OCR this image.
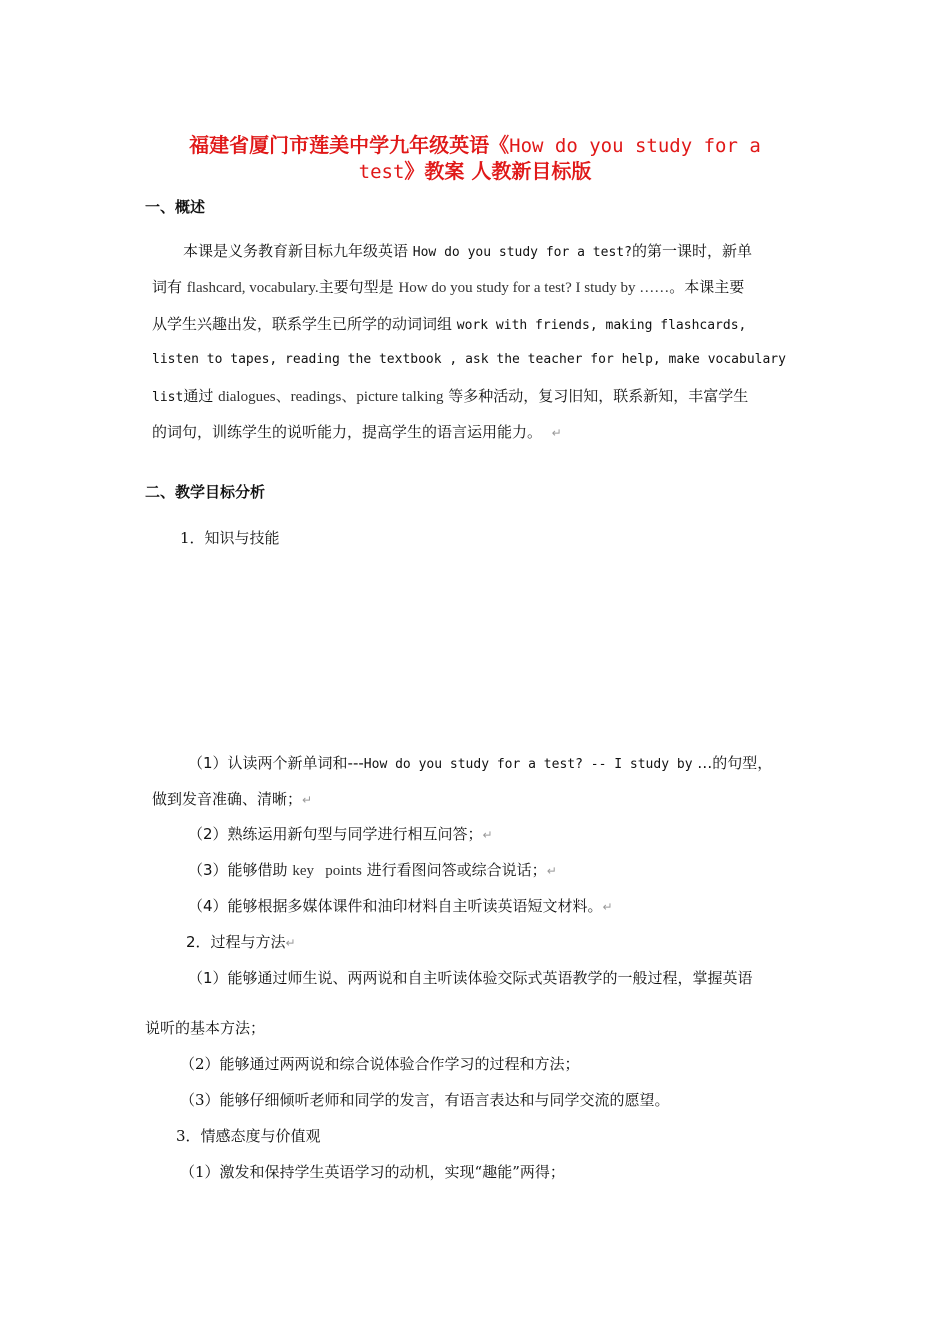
福建省厦门市莲美中学九年级英语《How do you study for a
test》教案 人教新目标版
一、概述
本课是义务教育新目标九年级英语 How do you study for a test?的第一课时，新单
词有 flashcard, vocabulary.主要句型是 How do you study for a test? I study by ……。本课主要
从学生兴趣出发，联系学生已所学的动词词组 work with friends, making flashcards,
listen to tapes, reading the textbook , ask the teacher for help, make vocabulary
list通过 dialogues、readings、picture talking 等多种活动，复习旧知，联系新知，丰富学生
的词句，训练学生的说听能力，提高学生的语言运用能力。 ↵
二、教学目标分析
1．知识与技能
（1）认读两个新单词和---How do you study for a test? -- I study by …的句型，
做到发音准确、清晰；↵
（2）熟练运用新句型与同学进行相互问答；↵
（3）能够借助 key   points 进行看图问答或综合说话；↵
（4）能够根据多媒体课件和油印材料自主听读英语短文材料。↵
2．过程与方法↵
（1）能够通过师生说、两两说和自主听读体验交际式英语教学的一般过程，掌握英语
说听的基本方法；
（2）能够通过两两说和综合说体验合作学习的过程和方法；
（3）能够仔细倾听老师和同学的发言，有语言表达和与同学交流的愿望。
3．情感态度与价值观
（1）激发和保持学生英语学习的动机，实现“趣能”两得；
